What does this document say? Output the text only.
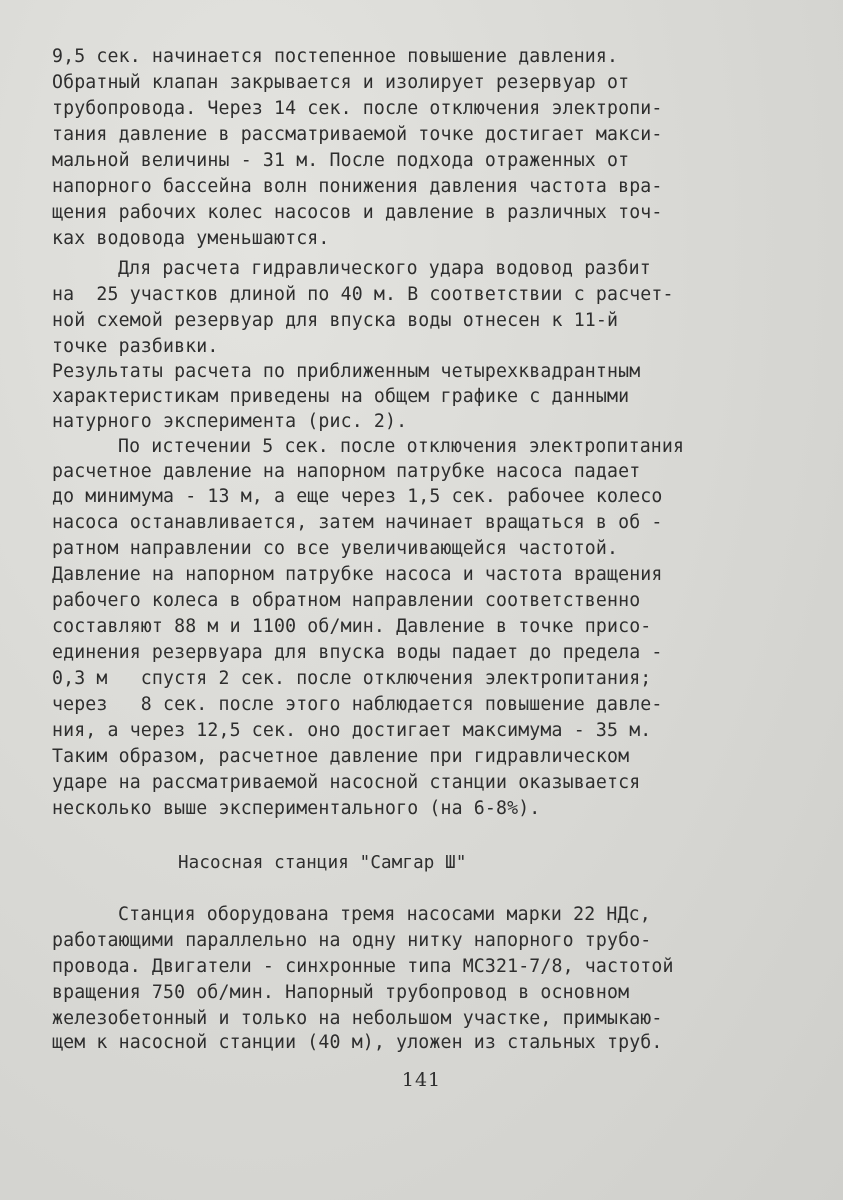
9,5 сек. начинается постепенное повышение давления.
Обратный клапан закрывается и изолирует резервуар от
трубопровода. Через 14 сек. после отключения электропи-
тания давление в рассматриваемой точке достигает макси-
мальной величины - 31 м. После подхода отраженных от
напорного бассейна волн понижения давления частота вра-
щения рабочих колес насосов и давление в различных точ-
ках водовода уменьшаются.
Для расчета гидравлического удара водовод разбит
на  25 участков длиной по 40 м. В соответствии с расчет-
ной схемой резервуар для впуска воды отнесен к 11-й
точке разбивки.
Результаты расчета по приближенным четырехквадрантным
характеристикам приведены на общем графике с данными
натурного эксперимента (рис. 2).
По истечении 5 сек. после отключения электропитания
расчетное давление на напорном патрубке насоса падает
до минимума - 13 м, а еще через 1,5 сек. рабочее колесо
насоса останавливается, затем начинает вращаться в об -
ратном направлении со все увеличивающейся частотой.
Давление на напорном патрубке насоса и частота вращения
рабочего колеса в обратном направлении соответственно
составляют 88 м и 1100 об/мин. Давление в точке присо-
единения резервуара для впуска воды падает до предела -
0,3 м   спустя 2 сек. после отключения электропитания;
через   8 сек. после этого наблюдается повышение давле-
ния, а через 12,5 сек. оно достигает максимума - 35 м.
Таким образом, расчетное давление при гидравлическом
ударе на рассматриваемой насосной станции оказывается
несколько выше экспериментального (на 6-8%).
Насосная станция "Самгар Ш"
Станция оборудована тремя насосами марки 22 НДс,
работающими параллельно на одну нитку напорного трубо-
провода. Двигатели - синхронные типа МС321-7/8, частотой
вращения 750 об/мин. Напорный трубопровод в основном
железобетонный и только на небольшом участке, примыкаю-
щем к насосной станции (40 м), уложен из стальных труб.
141
